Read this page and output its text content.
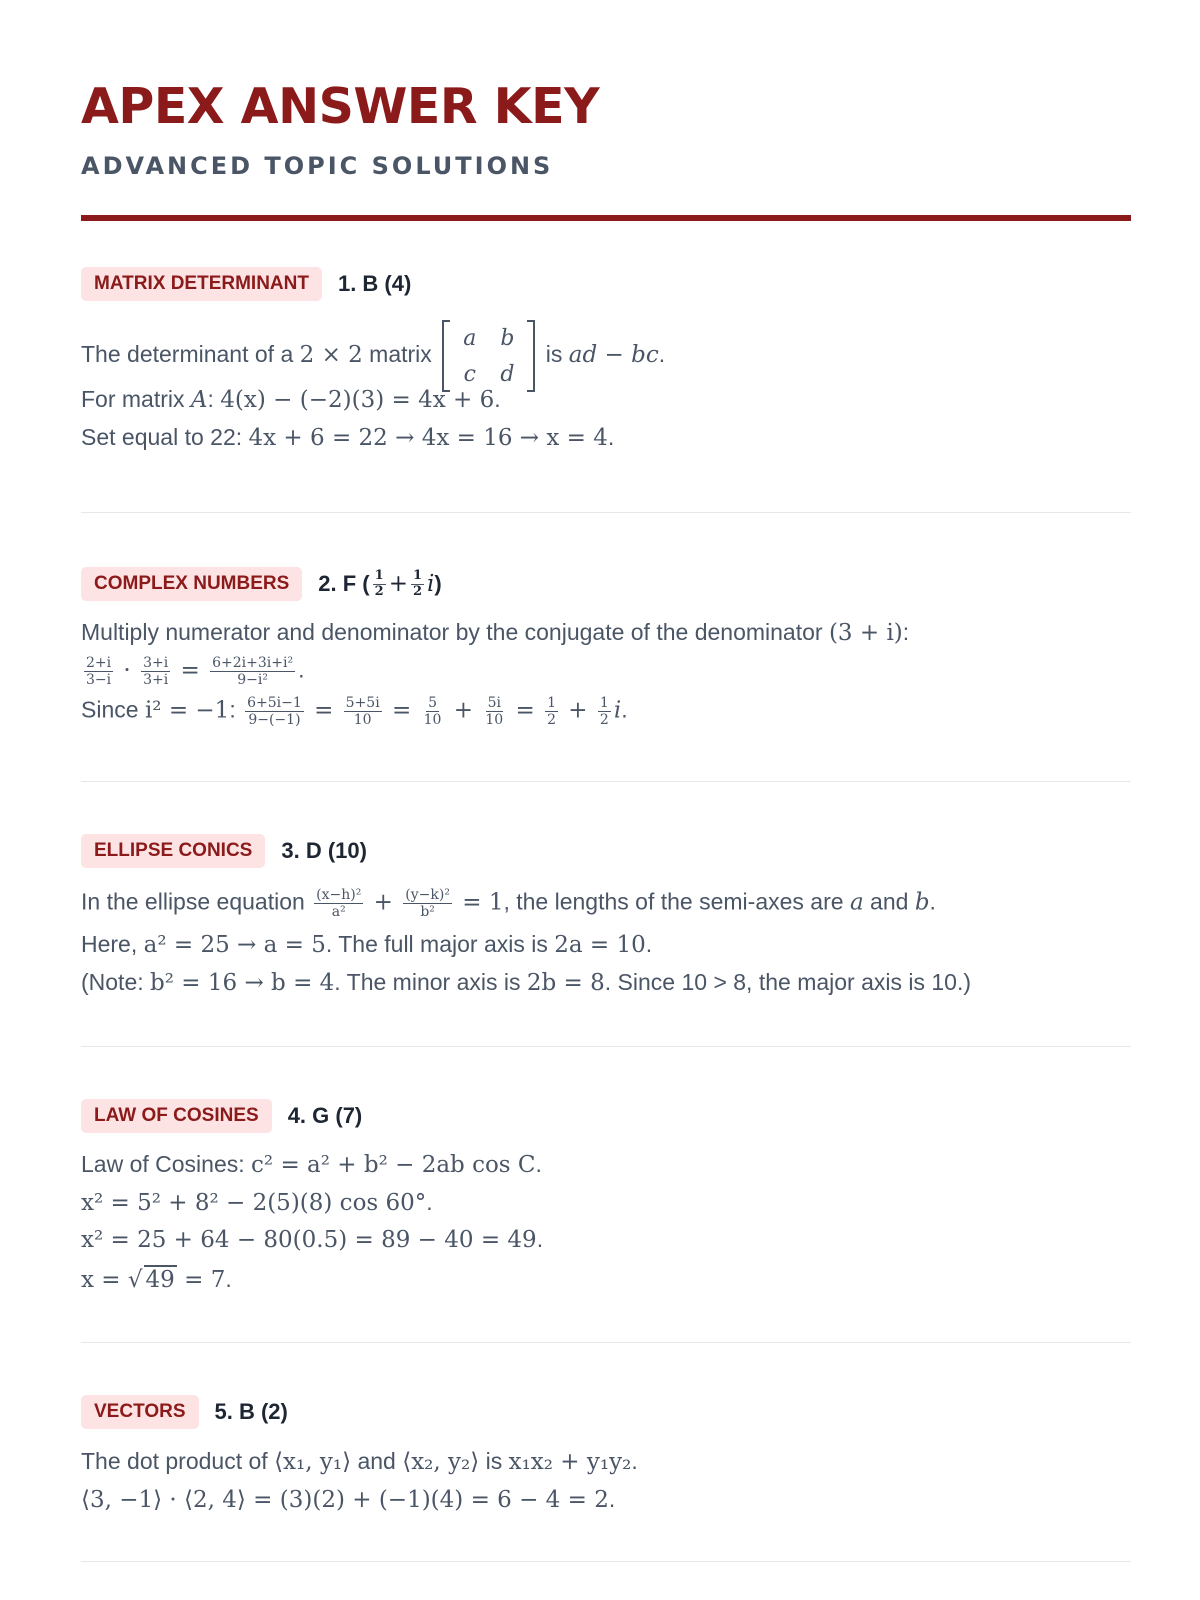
APEX ANSWER KEY
ADVANCED TOPIC SOLUTIONS
MATRIX DETERMINANT	1. B (4)
The determinant of a 2 × 2 matrix
a	b
c	d
is ad − bc.
For matrix A: 4(x) − (−2)(3) = 4x + 6.
Set equal to 22: 4x + 6 = 22 → 4x = 16 → x = 4.
COMPLEX NUMBERS	2. F ( 1
$2 + \frac{1}{2}$ i )
Multiply numerator and denominator by the conjugate of the denominator (3 + i):
$\frac{2+i}{3-i} \cdot \frac{3+i}{3+i} = \frac{\text{6+2i+3i+i²}}{\text{9−i²}}$ .
Since i² = −1: $\frac{6+5i-1}{9-(-1)} = \frac{5+5i}{10} = \frac{5}{10} + \frac{5i}{10} = \frac{1}{2} + \frac{1}{2} i$.
ELLIPSE CONICS	3. D (10)
In the ellipse equation $\frac{\text{(x−h)²}}{\text{a²}} + \frac{\text{(y−k)²}}{\text{b²}} = 1$, the lengths of the semi-axes are a and b.
Here, a² = 25 → a = 5. The full major axis is 2a = 10.
(Note: b² = 16 → b = 4. The minor axis is 2b = 8. Since 10 > 8, the major axis is 10.)
LAW OF COSINES	4. G (7)
Law of Cosines: c² = a² + b² − 2ab cos C.
x² = 5² + 8² − 2(5)(8) cos 60°.
x² = 25 + 64 − 80(0.5) = 89 − 40 = 49.
x = √ 49 = 7.
VECTORS	5. B (2)
The dot product of ⟨x₁, y₁⟩ and ⟨x₂, y₂⟩ is x₁x₂ + y₁y₂.
⟨3, −1⟩ · ⟨2, 4⟩ = (3)(2) + (−1)(4) = 6 − 4 = 2.
